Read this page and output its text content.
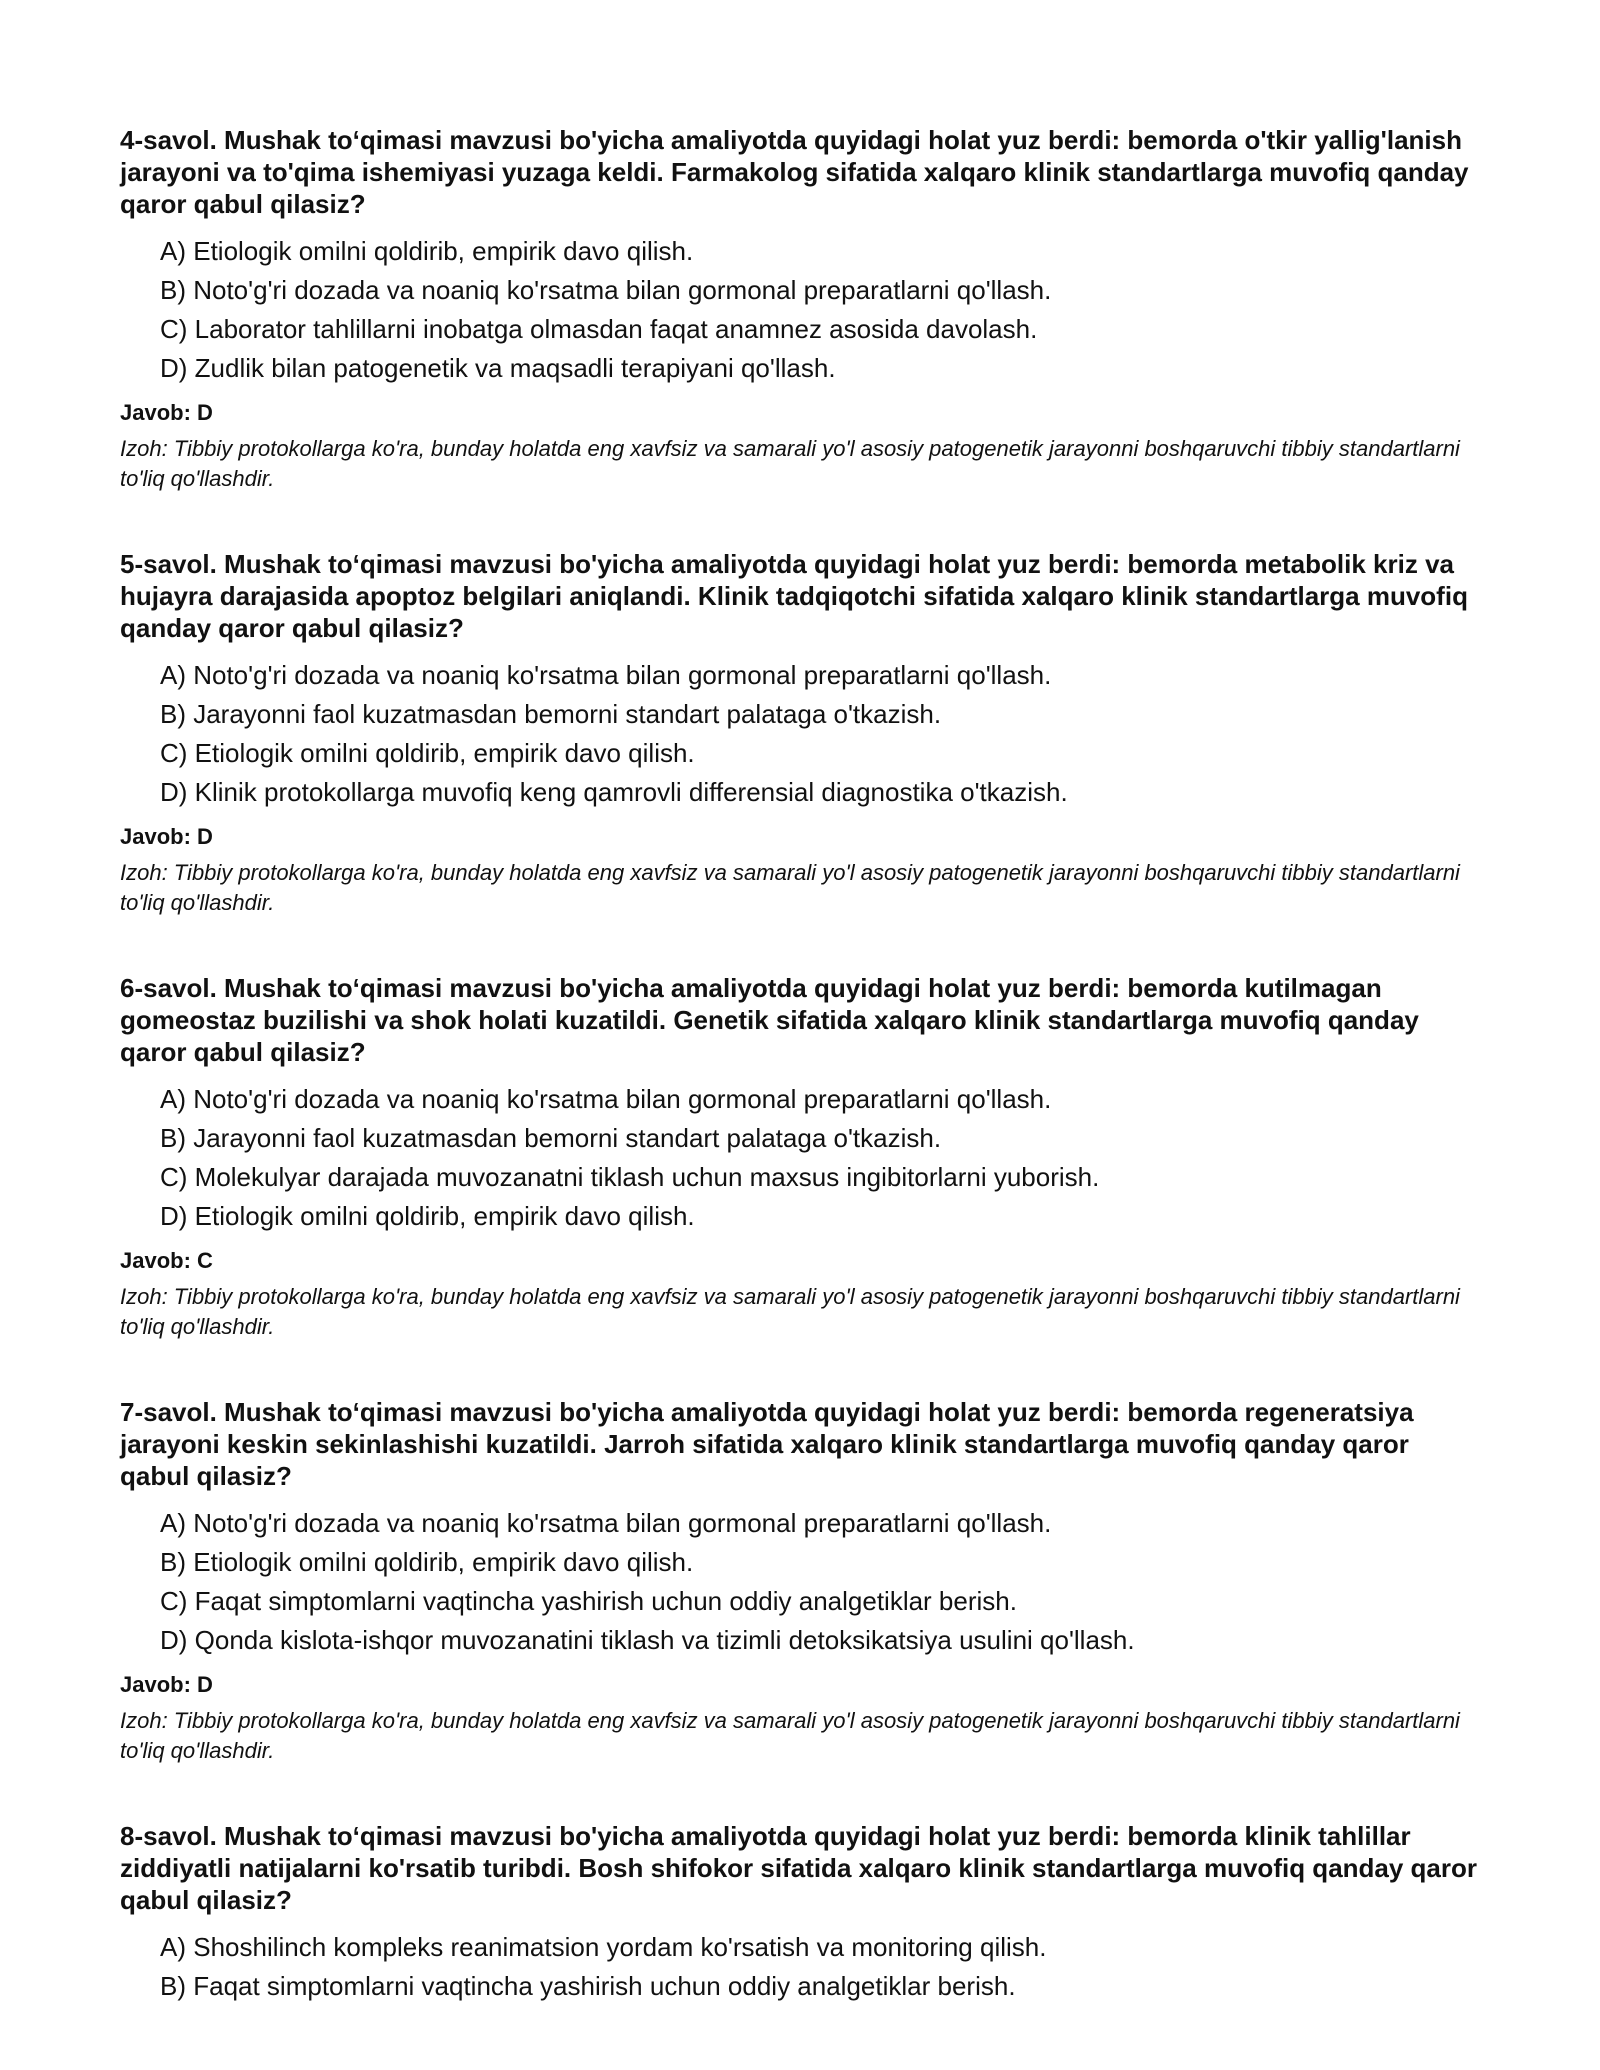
4-savol. Mushak to‘qimasi mavzusi bo'yicha amaliyotda quyidagi holat yuz berdi: bemorda o'tkir yallig'lanish jarayoni va to'qima ishemiyasi yuzaga keldi. Farmakolog sifatida xalqaro klinik standartlarga muvofiq qanday qaror qabul qilasiz?

A) Etiologik omilni qoldirib, empirik davo qilish.
B) Noto'g'ri dozada va noaniq ko'rsatma bilan gormonal preparatlarni qo'llash.
C) Laborator tahlillarni inobatga olmasdan faqat anamnez asosida davolash.
D) Zudlik bilan patogenetik va maqsadli terapiyani qo'llash.

Javob: D

Izoh: Tibbiy protokollarga ko'ra, bunday holatda eng xavfsiz va samarali yo'l asosiy patogenetik jarayonni boshqaruvchi tibbiy standartlarni to'liq qo'llashdir.

5-savol. Mushak to‘qimasi mavzusi bo'yicha amaliyotda quyidagi holat yuz berdi: bemorda metabolik kriz va hujayra darajasida apoptoz belgilari aniqlandi. Klinik tadqiqotchi sifatida xalqaro klinik standartlarga muvofiq qanday qaror qabul qilasiz?

A) Noto'g'ri dozada va noaniq ko'rsatma bilan gormonal preparatlarni qo'llash.
B) Jarayonni faol kuzatmasdan bemorni standart palataga o'tkazish.
C) Etiologik omilni qoldirib, empirik davo qilish.
D) Klinik protokollarga muvofiq keng qamrovli differensial diagnostika o'tkazish.

Javob: D

Izoh: Tibbiy protokollarga ko'ra, bunday holatda eng xavfsiz va samarali yo'l asosiy patogenetik jarayonni boshqaruvchi tibbiy standartlarni to'liq qo'llashdir.

6-savol. Mushak to‘qimasi mavzusi bo'yicha amaliyotda quyidagi holat yuz berdi: bemorda kutilmagan gomeostaz buzilishi va shok holati kuzatildi. Genetik sifatida xalqaro klinik standartlarga muvofiq qanday qaror qabul qilasiz?

A) Noto'g'ri dozada va noaniq ko'rsatma bilan gormonal preparatlarni qo'llash.
B) Jarayonni faol kuzatmasdan bemorni standart palataga o'tkazish.
C) Molekulyar darajada muvozanatni tiklash uchun maxsus ingibitorlarni yuborish.
D) Etiologik omilni qoldirib, empirik davo qilish.

Javob: C

Izoh: Tibbiy protokollarga ko'ra, bunday holatda eng xavfsiz va samarali yo'l asosiy patogenetik jarayonni boshqaruvchi tibbiy standartlarni to'liq qo'llashdir.

7-savol. Mushak to‘qimasi mavzusi bo'yicha amaliyotda quyidagi holat yuz berdi: bemorda regeneratsiya jarayoni keskin sekinlashishi kuzatildi. Jarroh sifatida xalqaro klinik standartlarga muvofiq qanday qaror qabul qilasiz?

A) Noto'g'ri dozada va noaniq ko'rsatma bilan gormonal preparatlarni qo'llash.
B) Etiologik omilni qoldirib, empirik davo qilish.
C) Faqat simptomlarni vaqtincha yashirish uchun oddiy analgetiklar berish.
D) Qonda kislota-ishqor muvozanatini tiklash va tizimli detoksikatsiya usulini qo'llash.

Javob: D

Izoh: Tibbiy protokollarga ko'ra, bunday holatda eng xavfsiz va samarali yo'l asosiy patogenetik jarayonni boshqaruvchi tibbiy standartlarni to'liq qo'llashdir.

8-savol. Mushak to‘qimasi mavzusi bo'yicha amaliyotda quyidagi holat yuz berdi: bemorda klinik tahlillar ziddiyatli natijalarni ko'rsatib turibdi. Bosh shifokor sifatida xalqaro klinik standartlarga muvofiq qanday qaror qabul qilasiz?

A) Shoshilinch kompleks reanimatsion yordam ko'rsatish va monitoring qilish.
B) Faqat simptomlarni vaqtincha yashirish uchun oddiy analgetiklar berish.
